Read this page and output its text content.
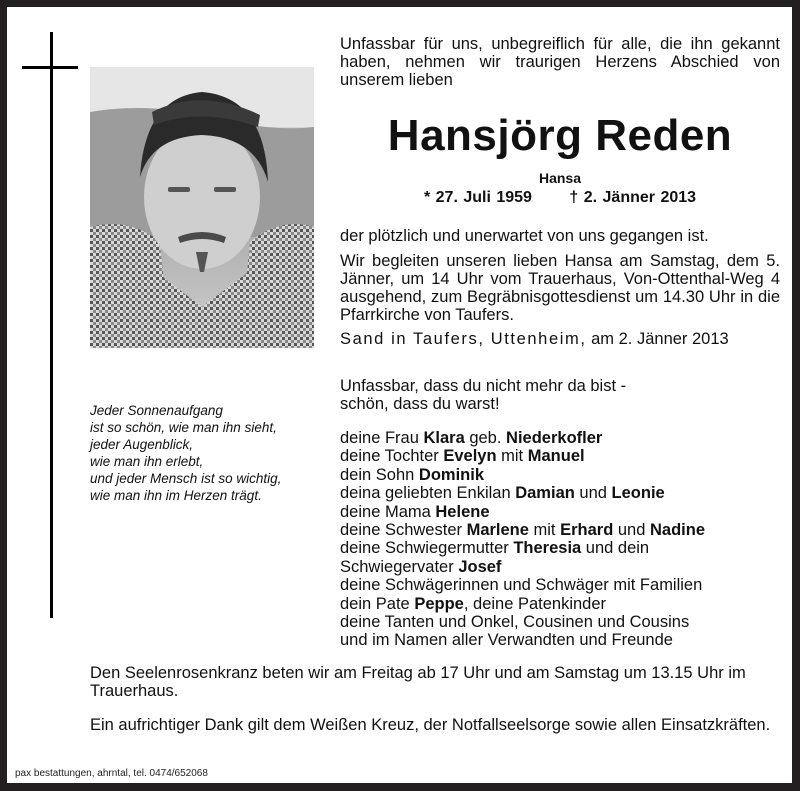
Jeder Sonnenaufgang
ist so schön, wie man ihn sieht,
jeder Augenblick,
wie man ihn erlebt,
und jeder Mensch ist so wichtig,
wie man ihn im Herzen trägt.
Unfassbar für uns, unbegreiflich für alle, die ihn gekannt haben, nehmen wir traurigen Herzens Abschied von unserem lieben
Hansjörg Reden
Hansa
* 27. Juli 1959 † 2. Jänner 2013
der plötzlich und unerwartet von uns gegangen ist.
Wir begleiten unseren lieben Hansa am Samstag, dem 5. Jänner, um 14 Uhr vom Trauerhaus, Von-Ottenthal-Weg 4 ausgehend, zum Begräbnisgottesdienst um 14.30 Uhr in die Pfarrkirche von Taufers.
Sand in Taufers, Uttenheim, am 2. Jänner 2013
Unfassbar, dass du nicht mehr da bist -
schön, dass du warst!
deine Frau Klara geb. Niederkofler
deine Tochter Evelyn mit Manuel
dein Sohn Dominik
deina geliebten Enkilan Damian und Leonie
deine Mama Helene
deine Schwester Marlene mit Erhard und Nadine
deine Schwiegermutter Theresia und dein
Schwiegervater Josef
deine Schwägerinnen und Schwäger mit Familien
dein Pate Peppe, deine Patenkinder
deine Tanten und Onkel, Cousinen und Cousins
und im Namen aller Verwandten und Freunde

Den Seelenrosenkranz beten wir am Freitag ab 17 Uhr und am Samstag um 13.15 Uhr im Trauerhaus.

Ein aufrichtiger Dank gilt dem Weißen Kreuz, der Notfallseelsorge sowie allen Einsatzkräften.

pax bestattungen, ahrntal, tel. 0474/652068
